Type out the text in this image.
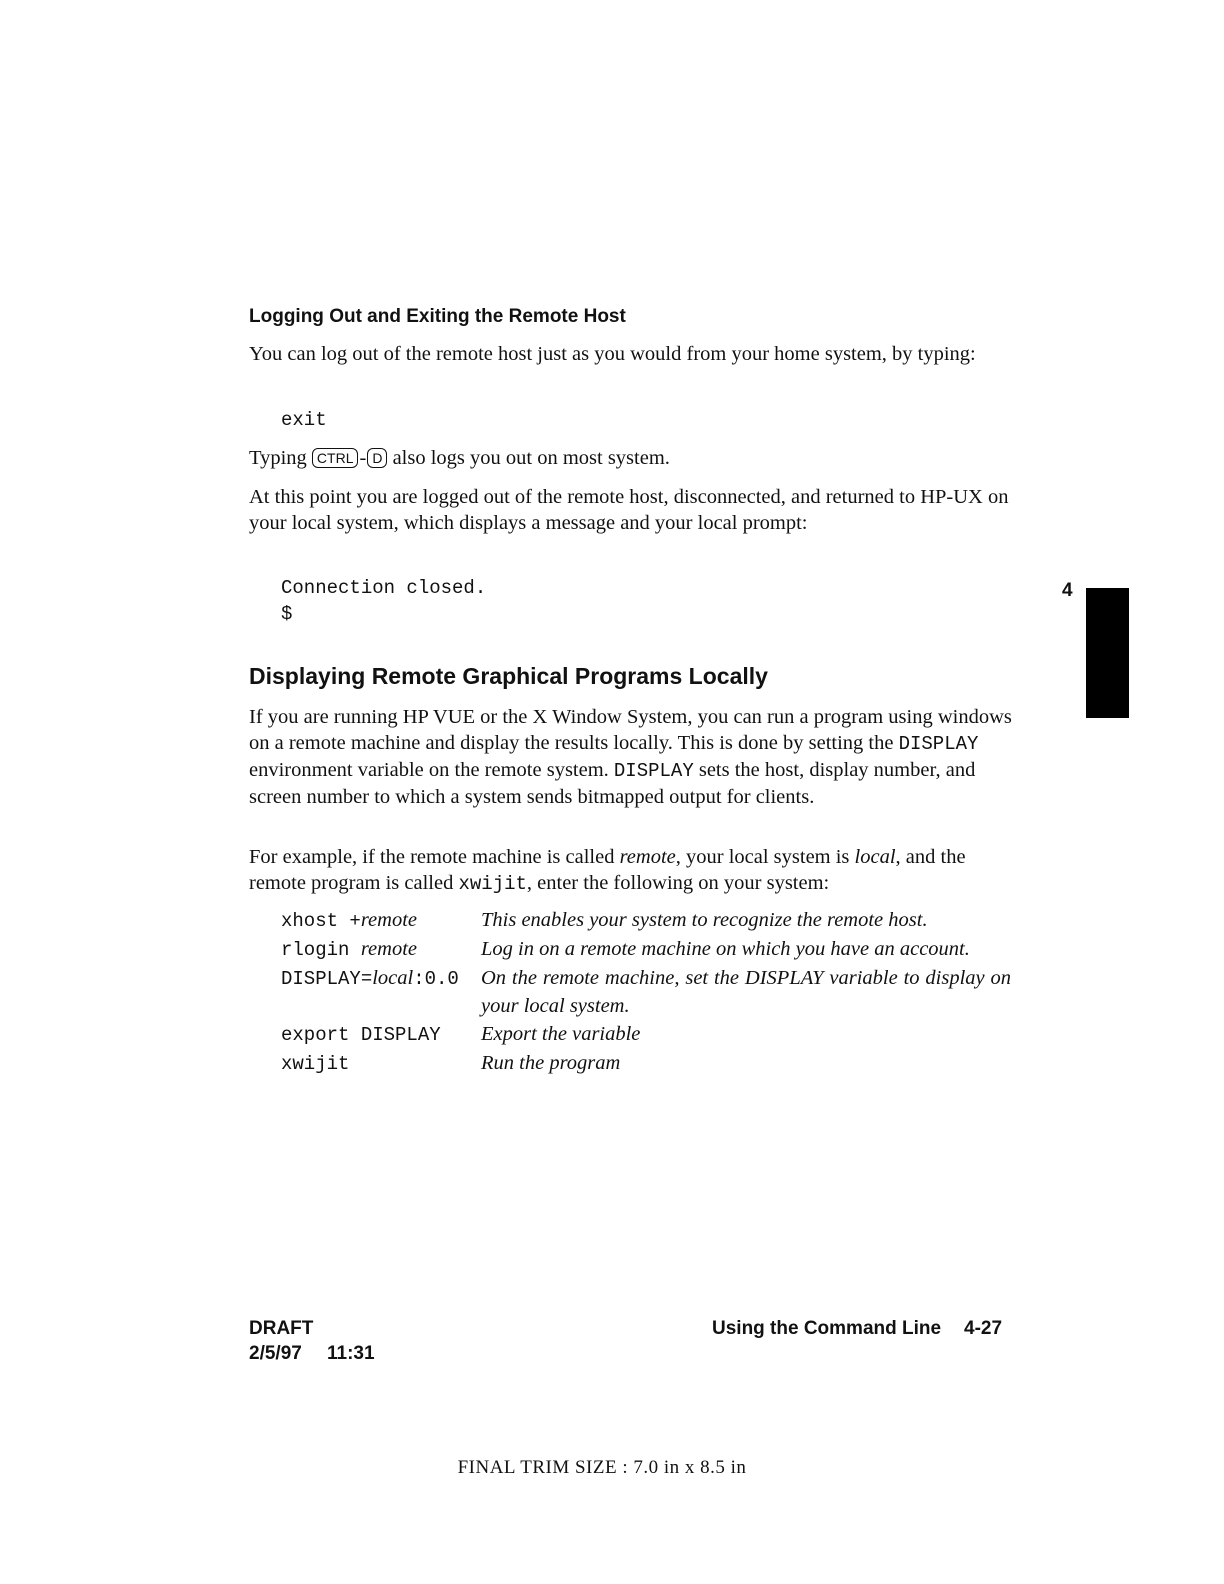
Logging Out and Exiting the Remote Host

You can log out of the remote host just as you would from your home system, by typing:

exit

Typing CTRL - D also logs you out on most system.

At this point you are logged out of the remote host, disconnected, and returned to HP-UX on your local system, which displays a message and your local prompt:

Connection closed.

$

Displaying Remote Graphical Programs Locally

If you are running HP VUE or the X Window System, you can run a program using windows on a remote machine and display the results locally. This is done by setting the DISPLAY environment variable on the remote system. DISPLAY sets the host, display number, and screen number to which a system sends bitmapped output for clients.

For example, if the remote machine is called remote, your local system is local, and the remote program is called xwijit, enter the following on your system:

xhost +remote	This enables your system to recognize the remote host.
rlogin remote	Log in on a remote machine on which you have an account.
DISPLAY=local:0.0	On the remote machine, set the DISPLAY variable to display on your local system.
export DISPLAY	Export the variable
xwijit	Run the program
4
DRAFT
2/5/97 11:31
Using the Command Line 4-27
FINAL TRIM SIZE : 7.0 in x 8.5 in
